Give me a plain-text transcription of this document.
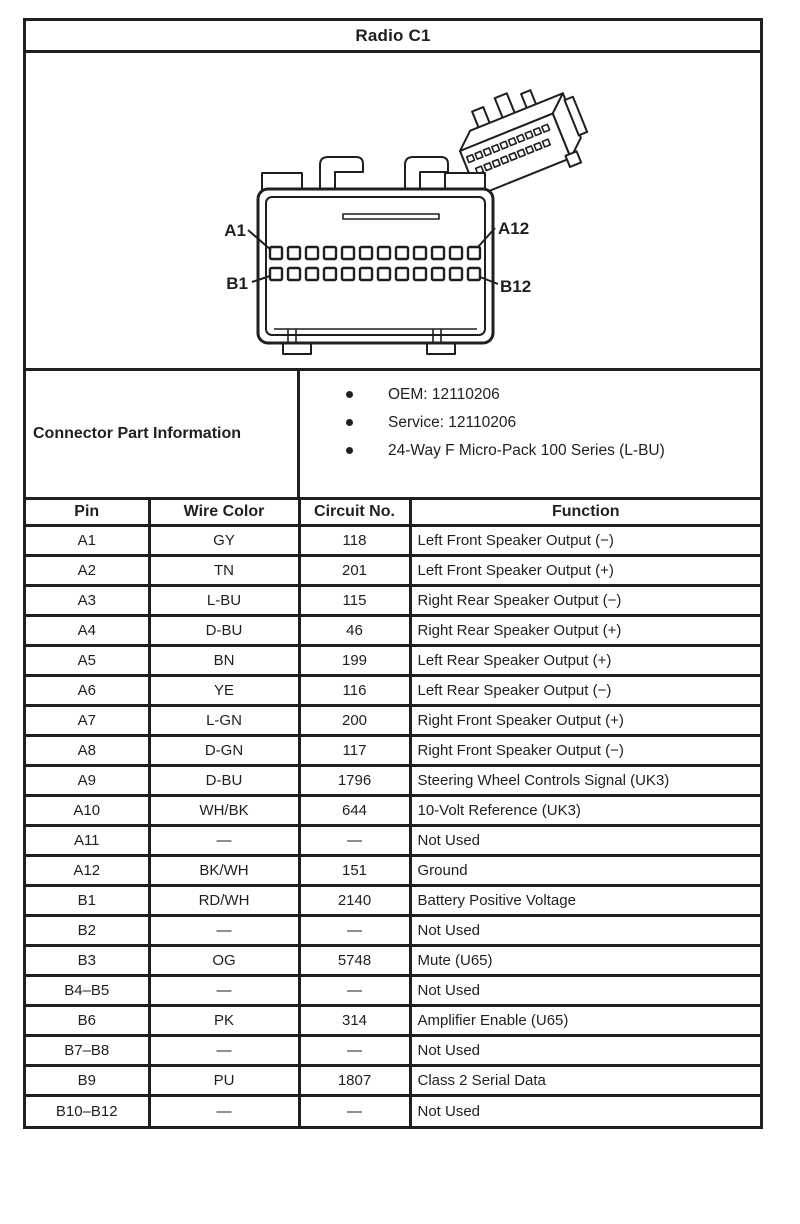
Radio C1
A1	A12
B1	B12
Connector Part Information
OEM: 12110206
Service: 12110206
24-Way F Micro-Pack 100 Series (L-BU)
Pin	Wire Color	Circuit No.	Function
A1	GY	118	Left Front Speaker Output (−)
A2	TN	201	Left Front Speaker Output (+)
A3	L-BU	115	Right Rear Speaker Output (−)
A4	D-BU	46	Right Rear Speaker Output (+)
A5	BN	199	Left Rear Speaker Output (+)
A6	YE	116	Left Rear Speaker Output (−)
A7	L-GN	200	Right Front Speaker Output (+)
A8	D-GN	117	Right Front Speaker Output (−)
A9	D-BU	1796	Steering Wheel Controls Signal (UK3)
A10	WH/BK	644	10-Volt Reference (UK3)
A11	—	—	Not Used
A12	BK/WH	151	Ground
B1	RD/WH	2140	Battery Positive Voltage
B2	—	—	Not Used
B3	OG	5748	Mute (U65)
B4–B5	—	—	Not Used
B6	PK	314	Amplifier Enable (U65)
B7–B8	—	—	Not Used
B9	PU	1807	Class 2 Serial Data
B10–B12	—	—	Not Used
